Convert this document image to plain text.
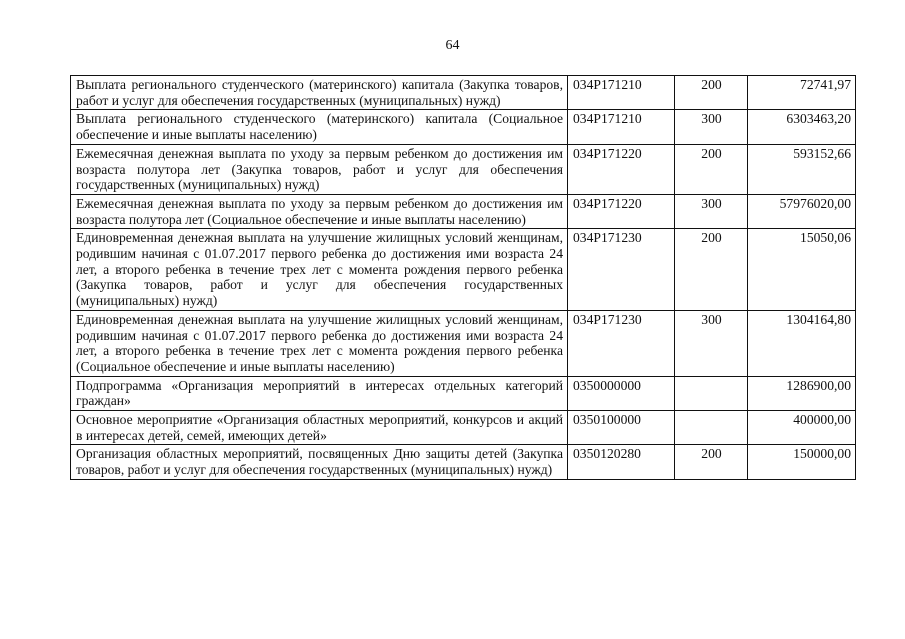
64
Выплата регионального студенческого (материнского) капитала (Закупка товаров, работ и услуг для обеспечения государственных (муниципальных) нужд)	034P171210	200	72741,97
Выплата регионального студенческого (материнского) капитала (Социальное обеспечение и иные выплаты населению)	034P171210	300	6303463,20
Ежемесячная денежная выплата по уходу за первым ребенком до достижения им возраста полутора лет (Закупка товаров, работ и услуг для обеспечения государственных (муниципальных) нужд)	034P171220	200	593152,66
Ежемесячная денежная выплата по уходу за первым ребенком до достижения им возраста полутора лет (Социальное обеспечение и иные выплаты населению)	034P171220	300	57976020,00
Единовременная денежная выплата на улучшение жилищных условий женщинам, родившим начиная с 01.07.2017 первого ребенка до достижения ими возраста 24 лет, а второго ребенка в течение трех лет с момента рождения первого ребенка (Закупка товаров, работ и услуг для обеспечения государственных (муниципальных) нужд)	034P171230	200	15050,06
Единовременная денежная выплата на улучшение жилищных условий женщинам, родившим начиная с 01.07.2017 первого ребенка до достижения ими возраста 24 лет, а второго ребенка в течение трех лет с момента рождения первого ребенка (Социальное обеспечение и иные выплаты населению)	034P171230	300	1304164,80
Подпрограмма «Организация мероприятий в интересах отдельных категорий граждан»	0350000000		1286900,00
Основное мероприятие «Организация областных мероприятий, конкурсов и акций в интересах детей, семей, имеющих детей»	0350100000		400000,00
Организация областных мероприятий, посвященных Дню защиты детей (Закупка товаров, работ и услуг для обеспечения государственных (муниципальных) нужд)	0350120280	200	150000,00
